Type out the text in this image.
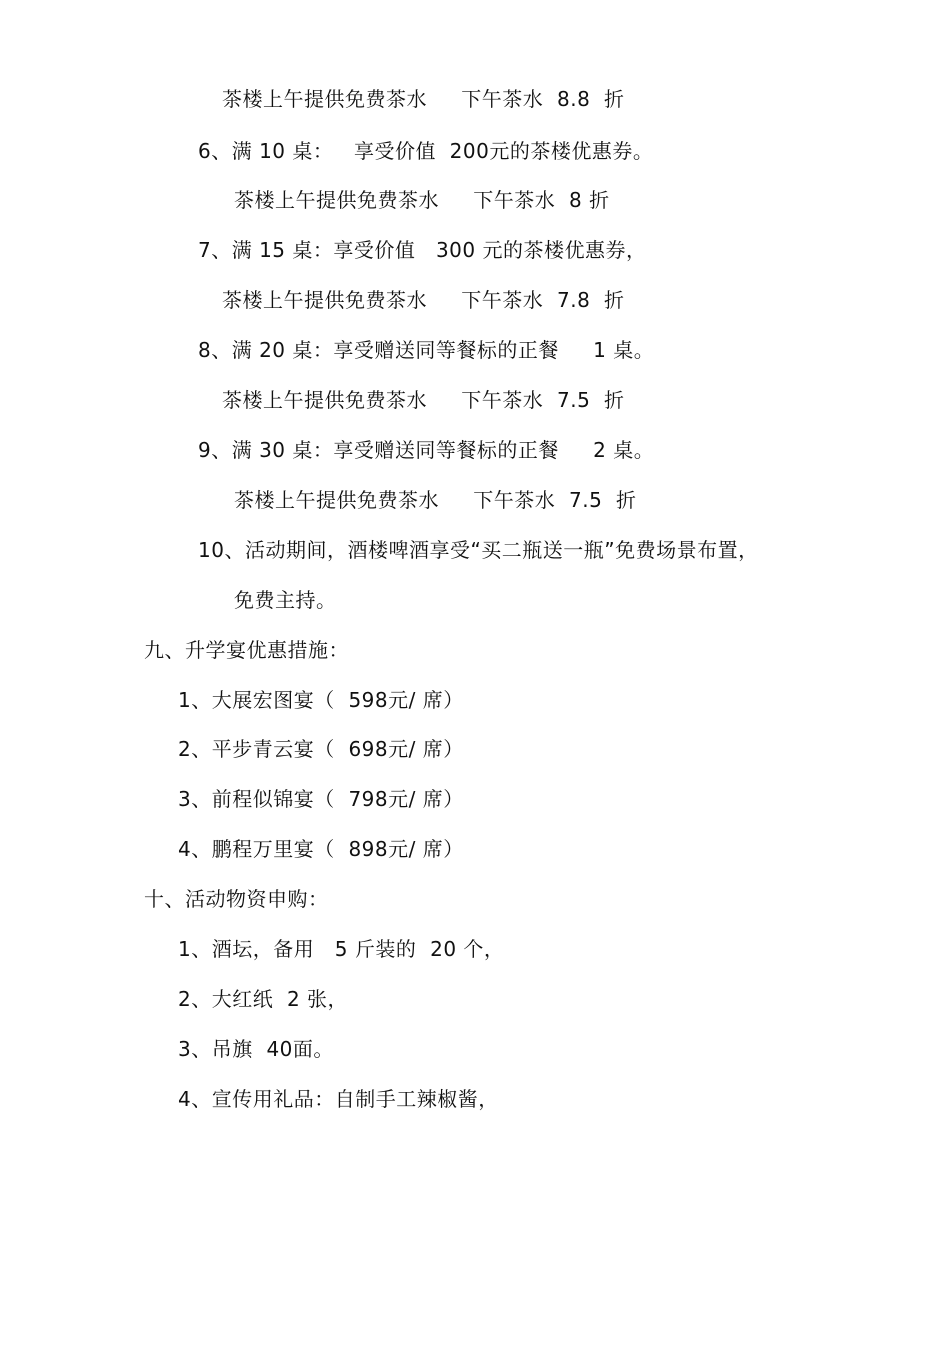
茶楼上午提供免费茶水     下午茶水  8.8  折
6、满 10 桌：   享受价值  200元的茶楼优惠券。
茶楼上午提供免费茶水     下午茶水  8 折
7、满 15 桌：享受价值   300 元的茶楼优惠券，
茶楼上午提供免费茶水     下午茶水  7.8  折
8、满 20 桌：享受赠送同等餐标的正餐     1 桌。
茶楼上午提供免费茶水     下午茶水  7.5  折
9、满 30 桌：享受赠送同等餐标的正餐     2 桌。
茶楼上午提供免费茶水     下午茶水  7.5  折
10、活动期间，酒楼啤酒享受“买二瓶送一瓶”免费场景布置，
免费主持。
九、升学宴优惠措施：
1、大展宏图宴（  598元/ 席）
2、平步青云宴（  698元/ 席）
3、前程似锦宴（  798元/ 席）
4、鹏程万里宴（  898元/ 席）
十、活动物资申购：
1、酒坛，备用   5 斤装的  20 个，
2、大红纸  2 张，
3、吊旗  40面。
4、宣传用礼品：自制手工辣椒酱，
